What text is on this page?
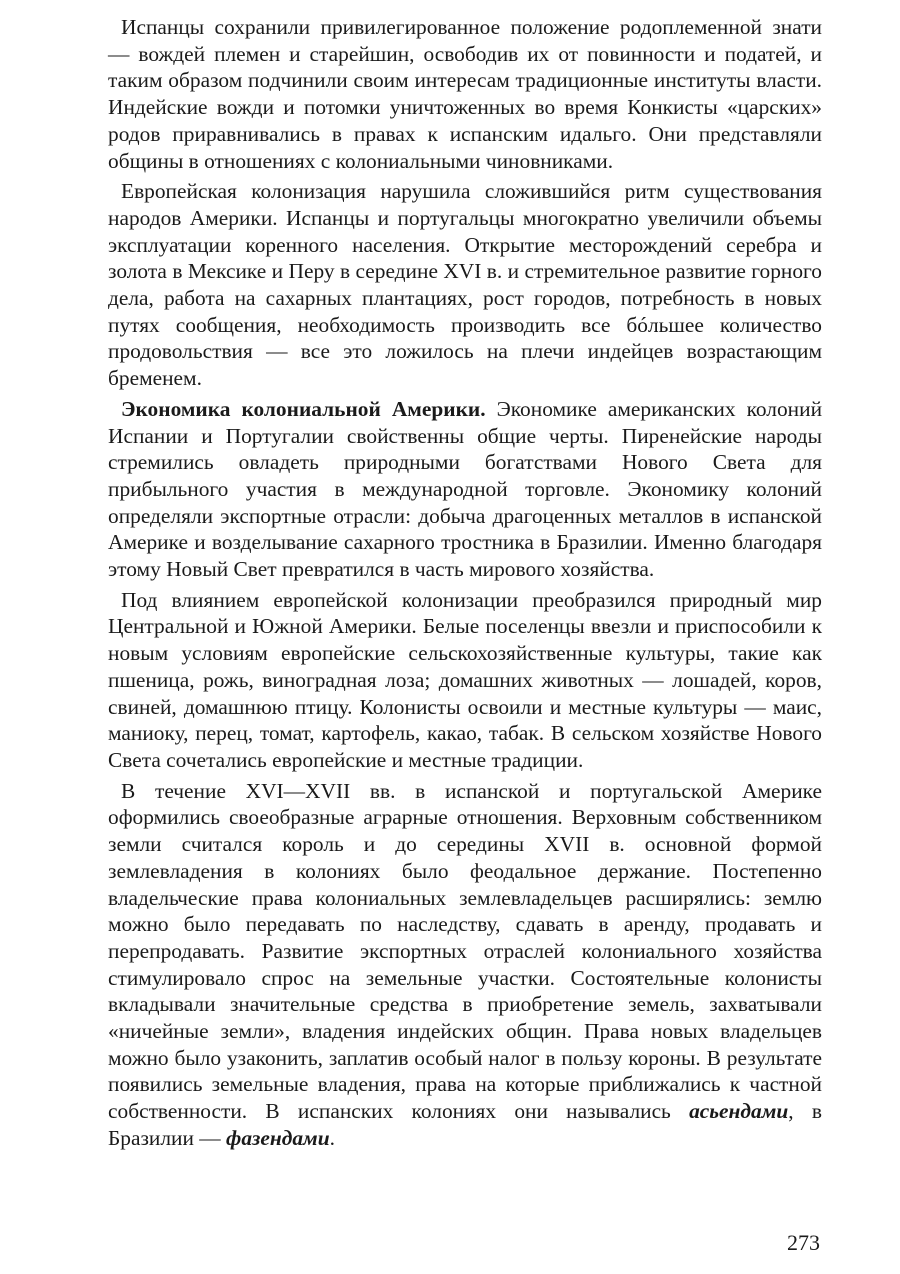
Испанцы сохранили привилегированное положение родоплеменной знати — вождей племен и старейшин, освободив их от повинности и податей, и таким образом подчинили своим интересам традиционные институты власти. Индейские вожди и потомки уничтоженных во время Конкисты «царских» родов приравнивались в правах к испанским идальго. Они представляли общины в отношениях с колониальными чиновниками.

Европейская колонизация нарушила сложившийся ритм существования народов Америки. Испанцы и португальцы многократно увеличили объемы эксплуатации коренного населения. Открытие месторождений серебра и золота в Мексике и Перу в середине XVI в. и стремительное развитие горного дела, работа на сахарных плантациях, рост городов, потребность в новых путях сообщения, необходимость производить все бóльшее количество продовольствия — все это ложилось на плечи индейцев возрастающим бременем.

Экономика колониальной Америки. Экономике американских колоний Испании и Португалии свойственны общие черты. Пиренейские народы стремились овладеть природными богатствами Нового Света для прибыльного участия в международной торговле. Экономику колоний определяли экспортные отрасли: добыча драгоценных металлов в испанской Америке и возделывание сахарного тростника в Бразилии. Именно благодаря этому Новый Свет превратился в часть мирового хозяйства.

Под влиянием европейской колонизации преобразился природный мир Центральной и Южной Америки. Белые поселенцы ввезли и приспособили к новым условиям европейские сельскохозяйственные культуры, такие как пшеница, рожь, виноградная лоза; домашних животных — лошадей, коров, свиней, домашнюю птицу. Колонисты освоили и местные культуры — маис, маниоку, перец, томат, картофель, какао, табак. В сельском хозяйстве Нового Света сочетались европейские и местные традиции.

В течение XVI—XVII вв. в испанской и португальской Америке оформились своеобразные аграрные отношения. Верховным собственником земли считался король и до середины XVII в. основной формой землевладения в колониях было феодальное держание. Постепенно владельческие права колониальных землевладельцев расширялись: землю можно было передавать по наследству, сдавать в аренду, продавать и перепродавать. Развитие экспортных отраслей колониального хозяйства стимулировало спрос на земельные участки. Состоятельные колонисты вкладывали значительные средства в приобретение земель, захватывали «ничейные земли», владения индейских общин. Права новых владельцев можно было узаконить, заплатив особый налог в пользу короны. В результате появились земельные владения, права на которые приближались к частной собственности. В испанских колониях они назывались асьендами, в Бразилии — фазендами.

273
